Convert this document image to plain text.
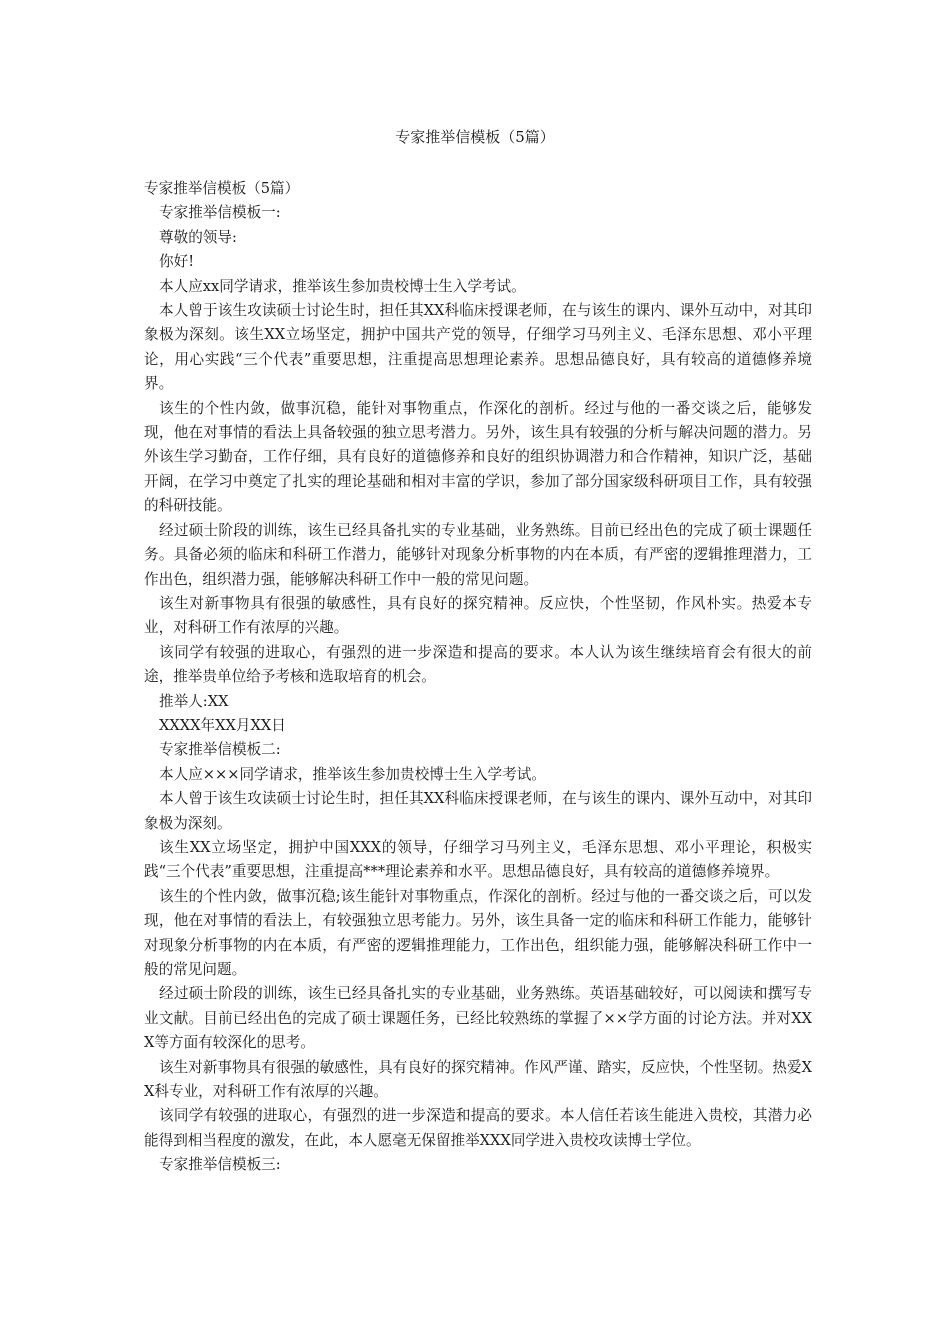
专家推举信模板（5篇）

专家推举信模板（5篇）

专家推举信模板一:

尊敬的领导:

你好!

本人应xx同学请求，推举该生参加贵校博士生入学考试。

本人曾于该生攻读硕士讨论生时，担任其XX科临床授课老师，在与该生的课内、课外互动中，对其印象极为深刻。该生XX立场坚定，拥护中国共产党的领导，仔细学习马列主义、毛泽东思想、邓小平理论，用心实践“三个代表”重要思想，注重提高思想理论素养。思想品德良好，具有较高的道德修养境界。

该生的个性内敛，做事沉稳，能针对事物重点，作深化的剖析。经过与他的一番交谈之后，能够发现，他在对事情的看法上具备较强的独立思考潜力。另外，该生具有较强的分析与解决问题的潜力。另外该生学习勤奋，工作仔细，具有良好的道德修养和良好的组织协调潜力和合作精神，知识广泛，基础开阔，在学习中奠定了扎实的理论基础和相对丰富的学识，参加了部分国家级科研项目工作，具有较强的科研技能。

经过硕士阶段的训练，该生已经具备扎实的专业基础，业务熟练。目前已经出色的完成了硕士课题任务。具备必须的临床和科研工作潜力，能够针对现象分析事物的内在本质，有严密的逻辑推理潜力，工作出色，组织潜力强，能够解决科研工作中一般的常见问题。

该生对新事物具有很强的敏感性，具有良好的探究精神。反应快，个性坚韧，作风朴实。热爱本专业，对科研工作有浓厚的兴趣。

该同学有较强的进取心，有强烈的进一步深造和提高的要求。本人认为该生继续培育会有很大的前途，推举贵单位给予考核和选取培育的机会。

推举人:XX

XXXX年XX月XX日

专家推举信模板二:

本人应×××同学请求，推举该生参加贵校博士生入学考试。

本人曾于该生攻读硕士讨论生时，担任其XX科临床授课老师，在与该生的课内、课外互动中，对其印象极为深刻。

该生XX立场坚定，拥护中国XXX的领导，仔细学习马列主义，毛泽东思想、邓小平理论，积极实践“三个代表”重要思想，注重提高***理论素养和水平。思想品德良好，具有较高的道德修养境界。

该生的个性内敛，做事沉稳;该生能针对事物重点，作深化的剖析。经过与他的一番交谈之后，可以发现，他在对事情的看法上，有较强独立思考能力。另外，该生具备一定的临床和科研工作能力，能够针对现象分析事物的内在本质，有严密的逻辑推理能力，工作出色，组织能力强，能够解决科研工作中一般的常见问题。

经过硕士阶段的训练，该生已经具备扎实的专业基础，业务熟练。英语基础较好，可以阅读和撰写专业文献。目前已经出色的完成了硕士课题任务，已经比较熟练的掌握了××学方面的讨论方法。并对XXX等方面有较深化的思考。

该生对新事物具有很强的敏感性，具有良好的探究精神。作风严谨、踏实，反应快，个性坚韧。热爱XX科专业，对科研工作有浓厚的兴趣。

该同学有较强的进取心，有强烈的进一步深造和提高的要求。本人信任若该生能进入贵校，其潜力必能得到相当程度的激发，在此，本人愿毫无保留推举XXX同学进入贵校攻读博士学位。

专家推举信模板三:
